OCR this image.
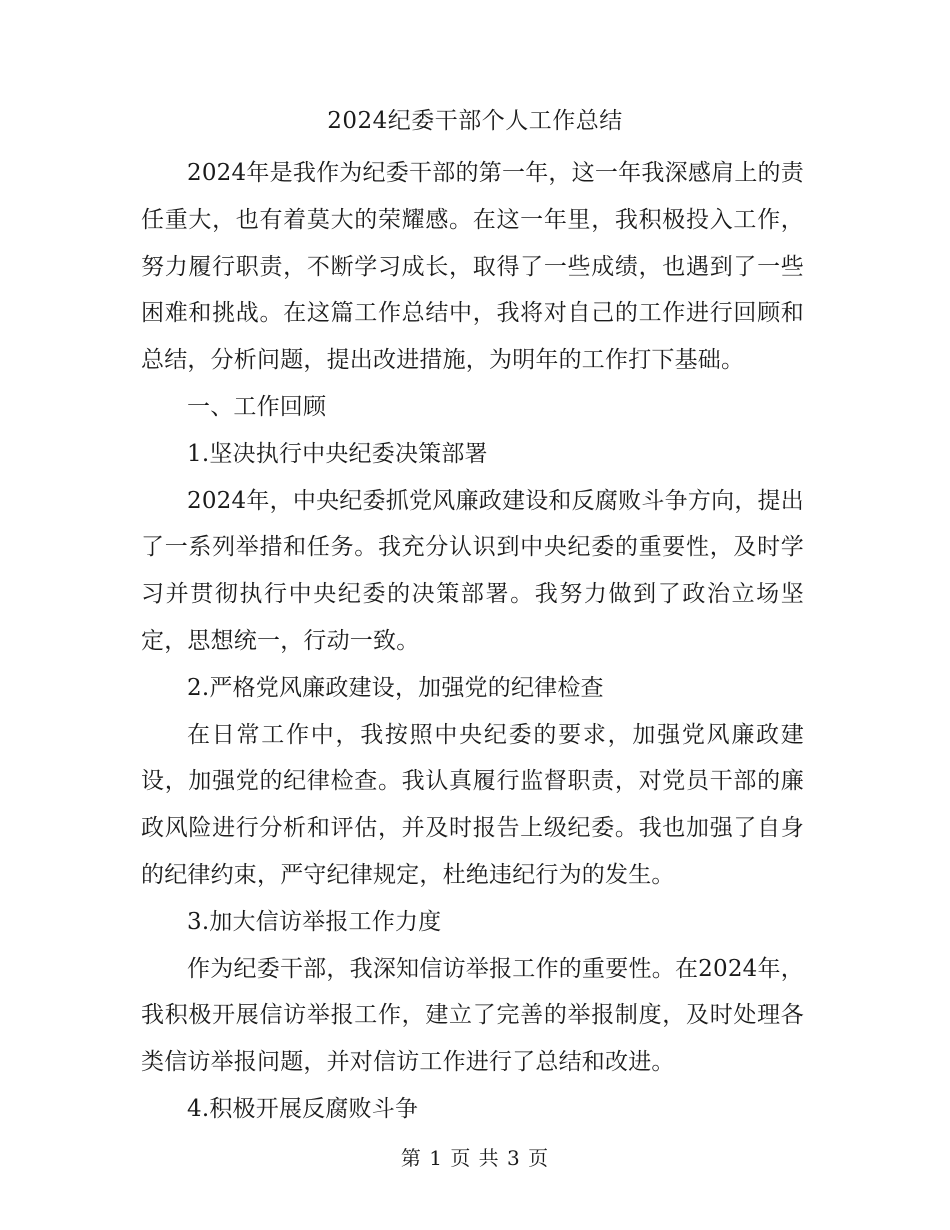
2024纪委干部个人工作总结

2024年是我作为纪委干部的第一年，这一年我深感肩上的责任重大，也有着莫大的荣耀感。在这一年里，我积极投入工作，努力履行职责，不断学习成长，取得了一些成绩，也遇到了一些困难和挑战。在这篇工作总结中，我将对自己的工作进行回顾和总结，分析问题，提出改进措施，为明年的工作打下基础。

一、工作回顾

1.坚决执行中央纪委决策部署

2024年，中央纪委抓党风廉政建设和反腐败斗争方向，提出了一系列举措和任务。我充分认识到中央纪委的重要性，及时学习并贯彻执行中央纪委的决策部署。我努力做到了政治立场坚定，思想统一，行动一致。

2.严格党风廉政建设，加强党的纪律检查

在日常工作中，我按照中央纪委的要求，加强党风廉政建设，加强党的纪律检查。我认真履行监督职责，对党员干部的廉政风险进行分析和评估，并及时报告上级纪委。我也加强了自身的纪律约束，严守纪律规定，杜绝违纪行为的发生。

3.加大信访举报工作力度

作为纪委干部，我深知信访举报工作的重要性。在2024年，我积极开展信访举报工作，建立了完善的举报制度，及时处理各类信访举报问题，并对信访工作进行了总结和改进。

4.积极开展反腐败斗争

第 1 页 共 3 页
